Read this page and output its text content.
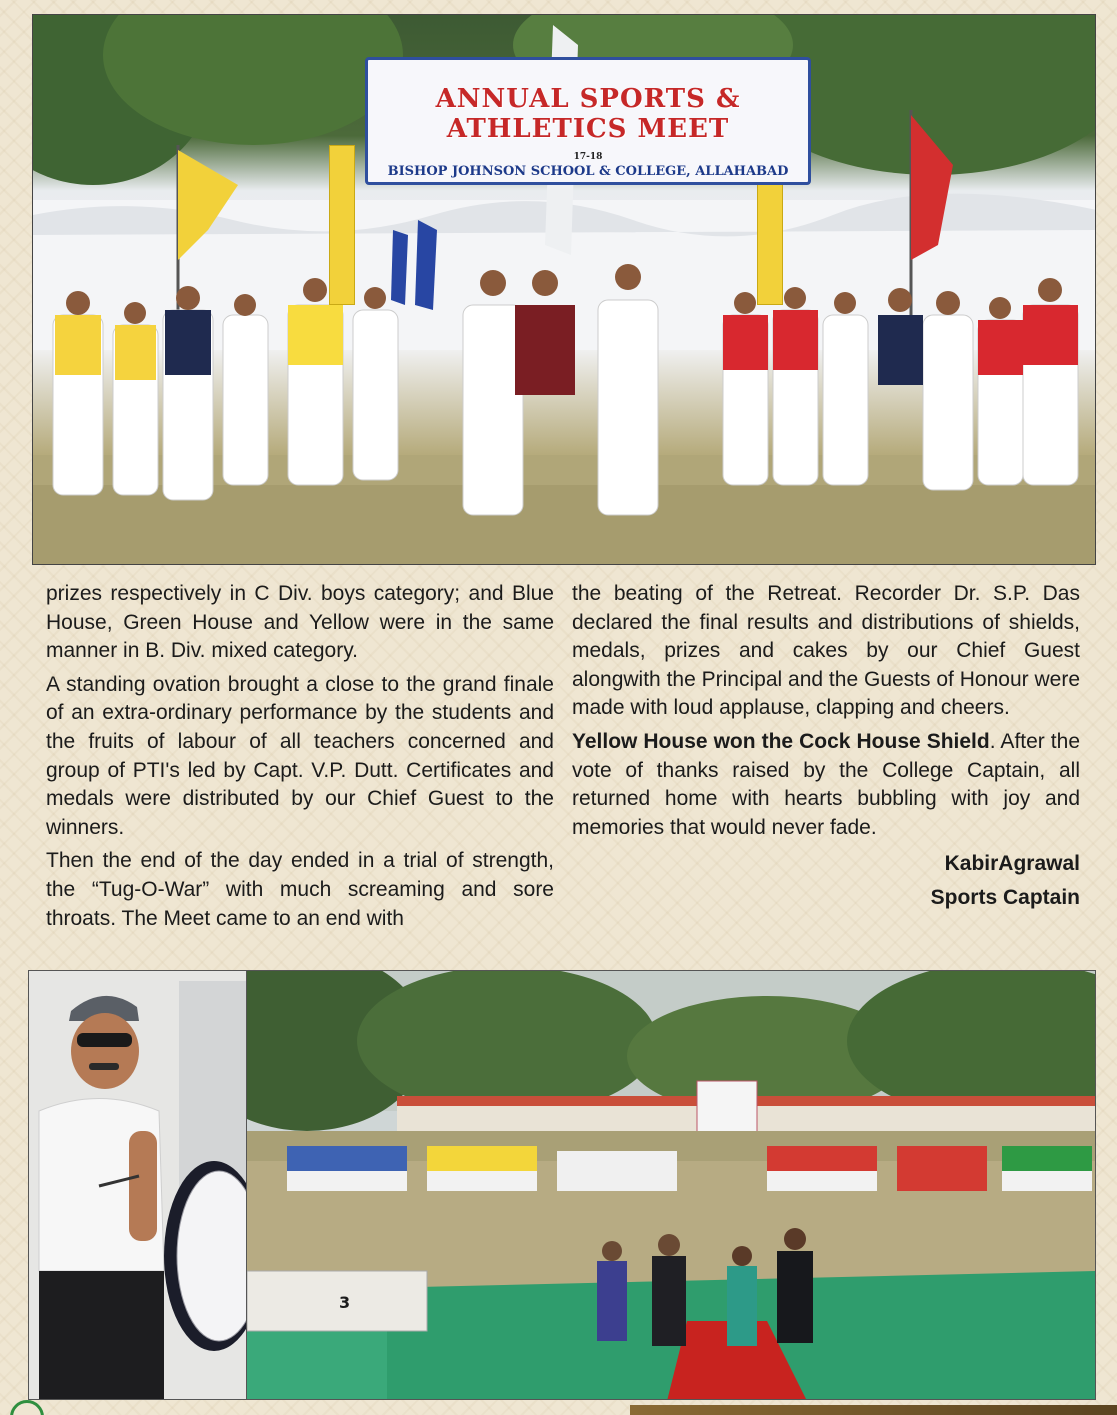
ANNUAL SPORTS & ATHLETICS MEET
17-18
BISHOP JOHNSON SCHOOL & COLLEGE, ALLAHABAD

prizes respectively in C Div. boys category; and Blue House, Green House and Yellow were in the same manner in B. Div. mixed category.

A standing ovation brought a close to the grand finale of an extra-ordinary performance by the students and the fruits of labour of all teachers concerned and group of PTI's led by Capt. V.P. Dutt. Certificates and medals were distributed by our Chief Guest to the winners.

Then the end of the day ended in a trial of strength, the “Tug-O-War” with much screaming and sore throats. The Meet came to an end with

the beating of the Retreat. Recorder Dr. S.P. Das declared the final results and distributions of shields, medals, prizes and cakes by our Chief Guest alongwith the Principal and the Guests of Honour were made with loud applause, clapping and cheers.

Yellow House won the Cock House Shield. After the vote of thanks raised by the College Captain, all returned home with hearts bubbling with joy and memories that would never fade.

KabirAgrawal
Sports Captain
3
